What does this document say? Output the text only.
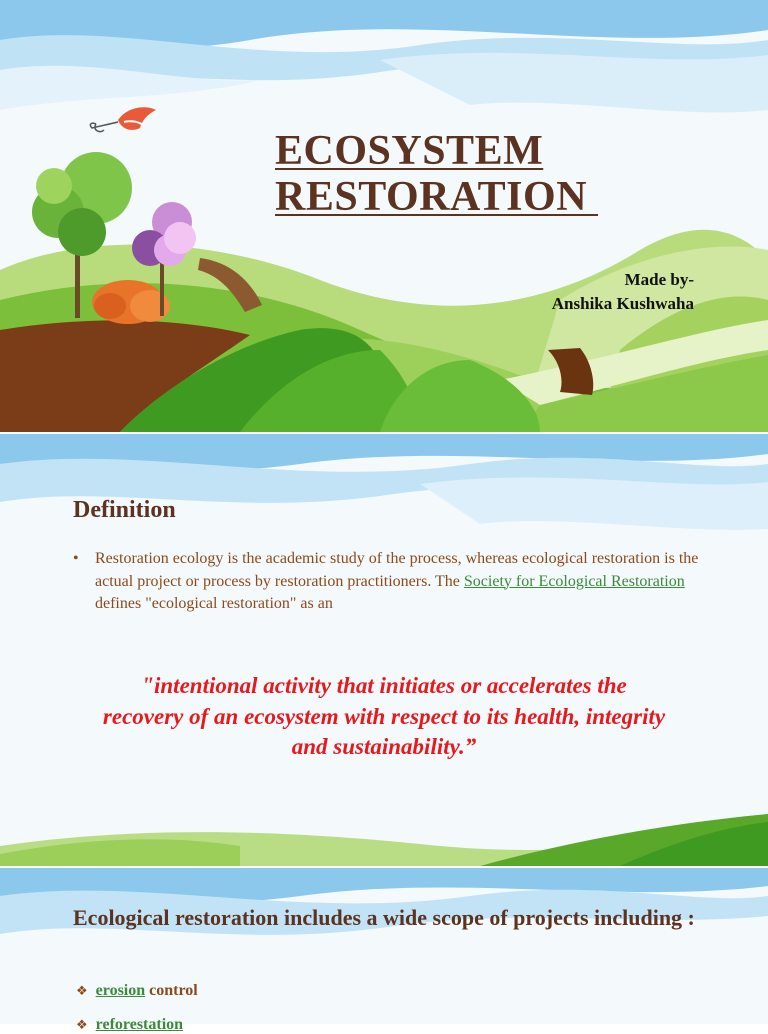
ECOSYSTEM
RESTORATION
Made by-
Anshika Kushwaha
Definition

• Restoration ecology is the academic study of the process, whereas ecological restoration is the actual project or process by restoration practitioners. The Society for Ecological Restoration defines "ecological restoration" as an

"intentional activity that initiates or accelerates the recovery of an ecosystem with respect to its health, integrity and sustainability.”

Ecological restoration includes a wide scope of projects including :
❖ erosion control
❖ reforestation
